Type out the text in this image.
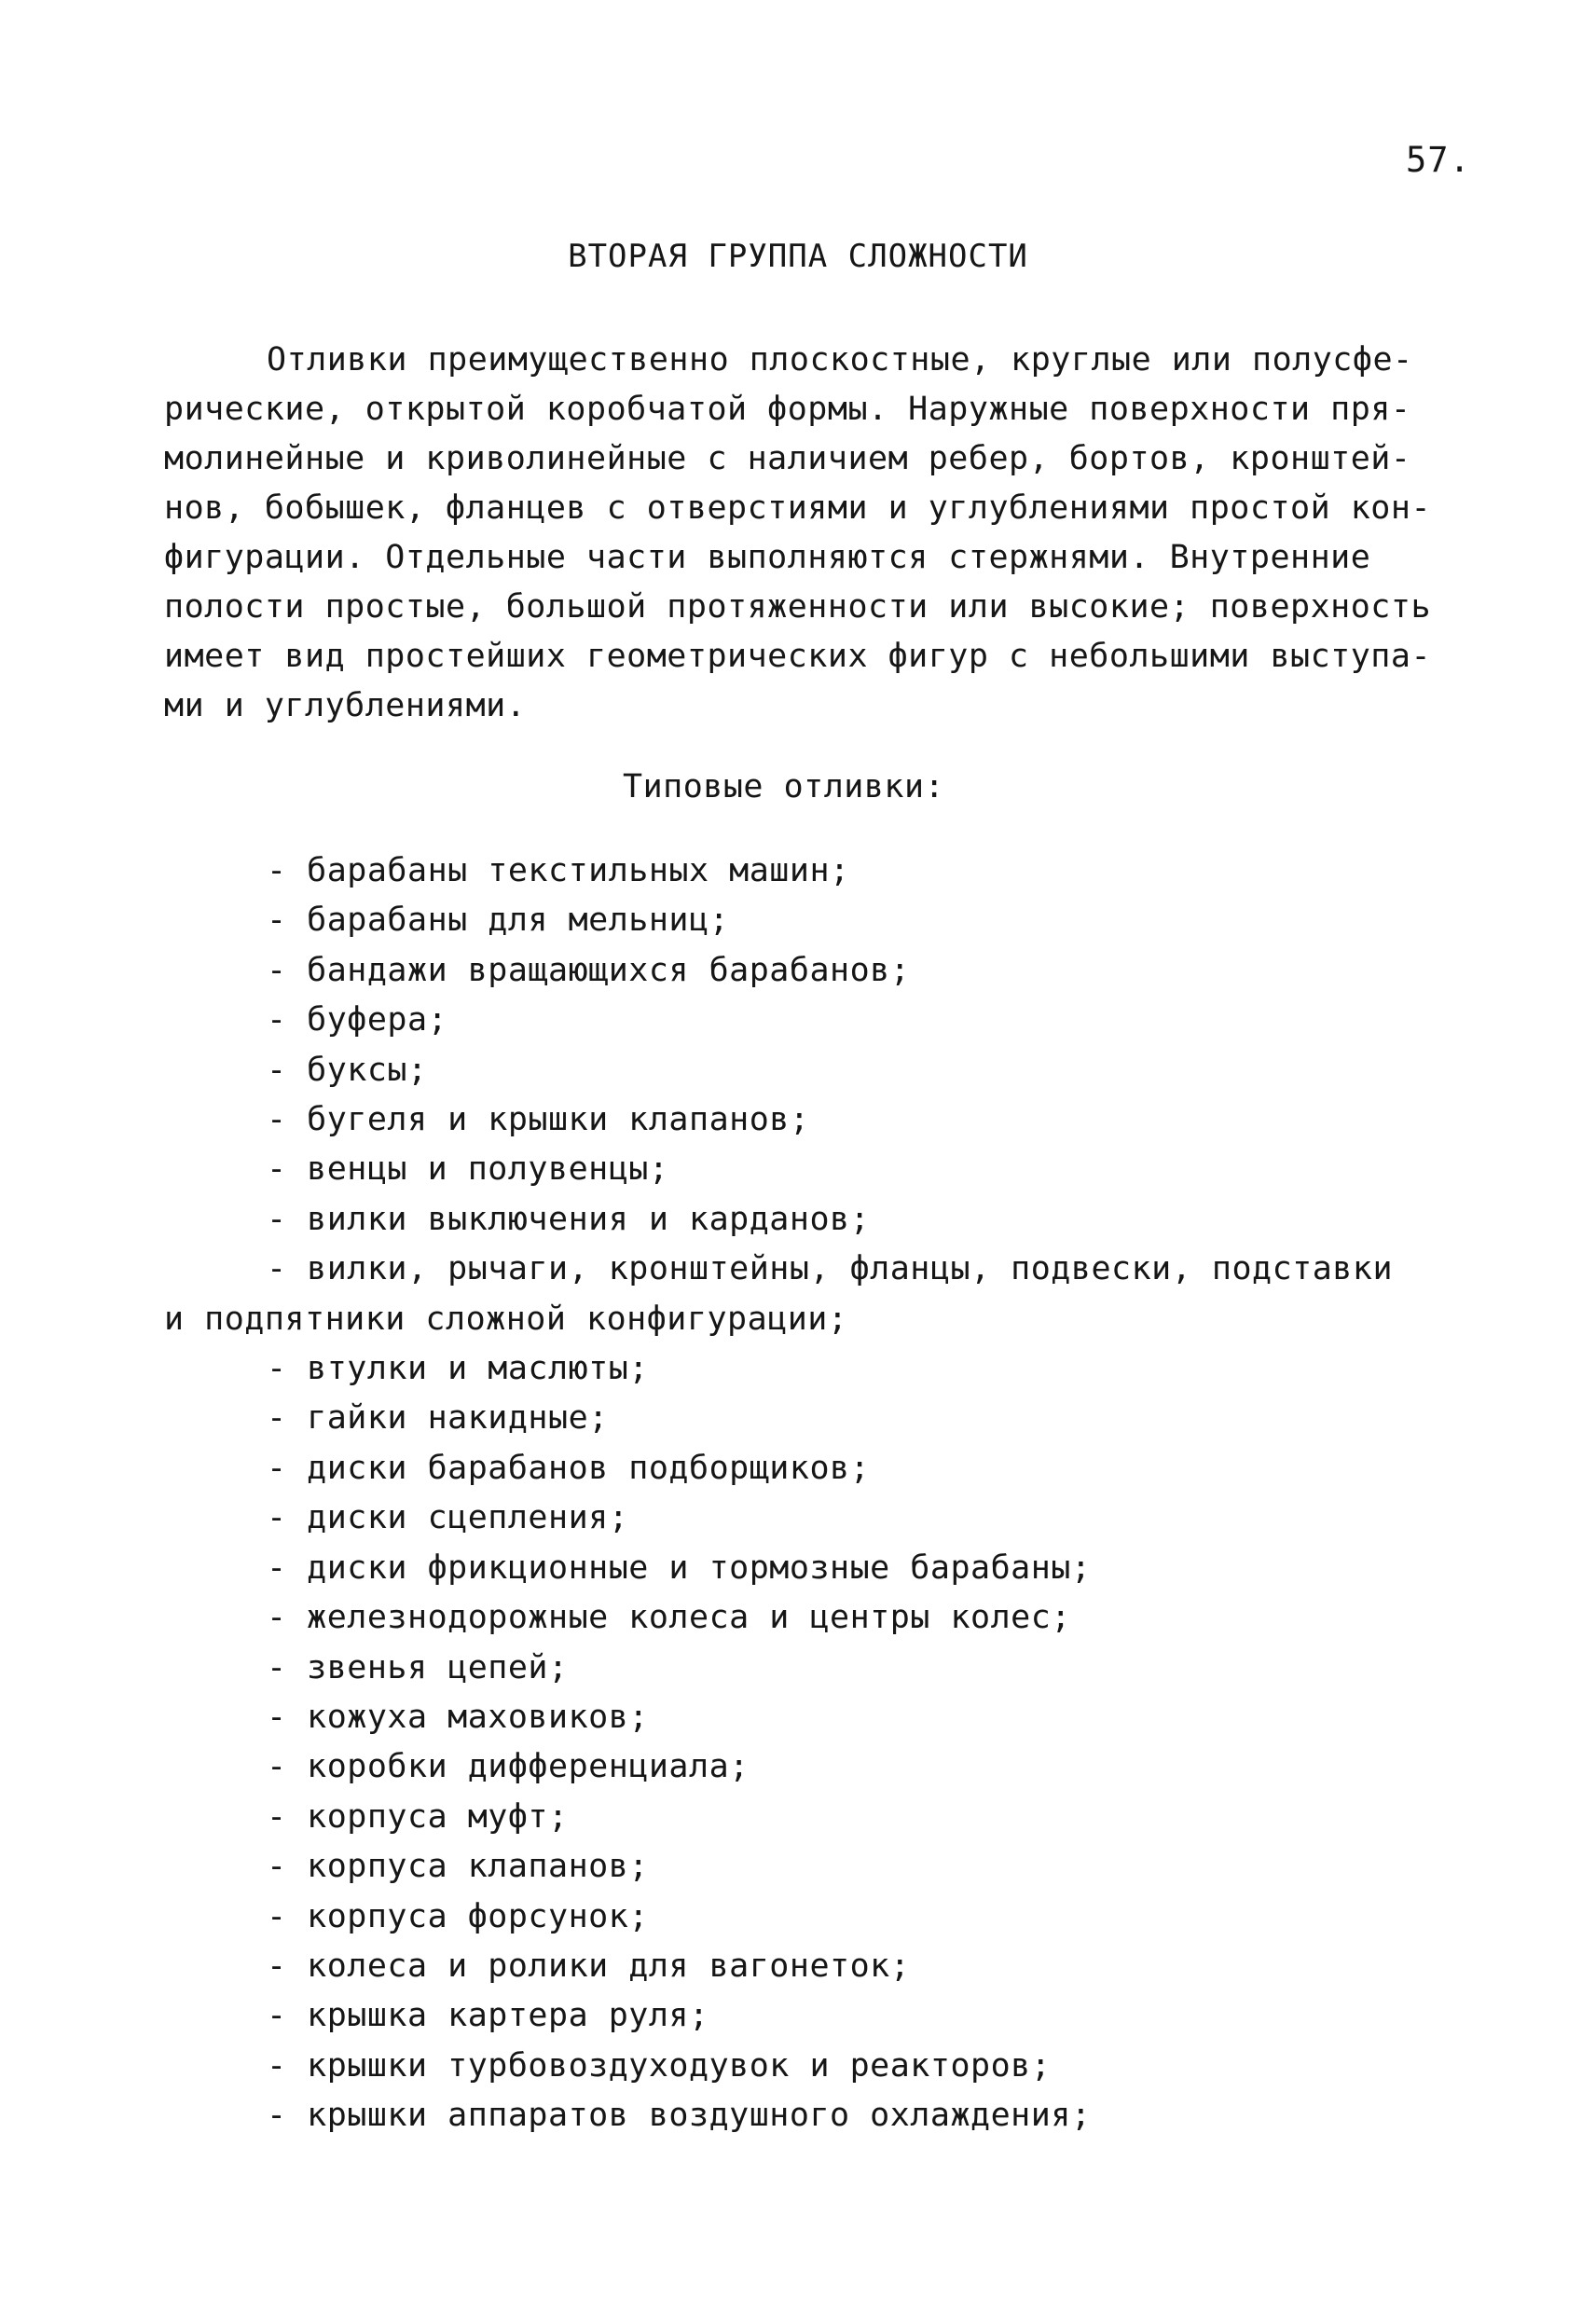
57.
ВТОРАЯ ГРУППА СЛОЖНОСТИ
Отливки преимущественно плоскостные, круглые или полусфе-
рические, открытой коробчатой формы. Наружные поверхности пря-
молинейные и криволинейные с наличием ребер, бортов, кронштей-
нов, бобышек, фланцев с отверстиями и углублениями простой кон-
фигурации. Отдельные части выполняются стержнями. Внутренние
полости простые, большой протяженности или высокие; поверхность
имеет вид простейших геометрических фигур с небольшими выступа-
ми и углублениями.
Типовые отливки:
- барабаны текстильных машин;
- барабаны для мельниц;
- бандажи вращающихся барабанов;
- буфера;
- буксы;
- бугеля и крышки клапанов;
- венцы и полувенцы;
- вилки выключения и карданов;
- вилки, рычаги, кронштейны, фланцы, подвески, подставки
и подпятники сложной конфигурации;
- втулки и маслюты;
- гайки накидные;
- диски барабанов подборщиков;
- диски сцепления;
- диски фрикционные и тормозные барабаны;
- железнодорожные колеса и центры колес;
- звенья цепей;
- кожуха маховиков;
- коробки дифференциала;
- корпуса муфт;
- корпуса клапанов;
- корпуса форсунок;
- колеса и ролики для вагонеток;
- крышка картера руля;
- крышки турбовоздуходувок и реакторов;
- крышки аппаратов воздушного охлаждения;
